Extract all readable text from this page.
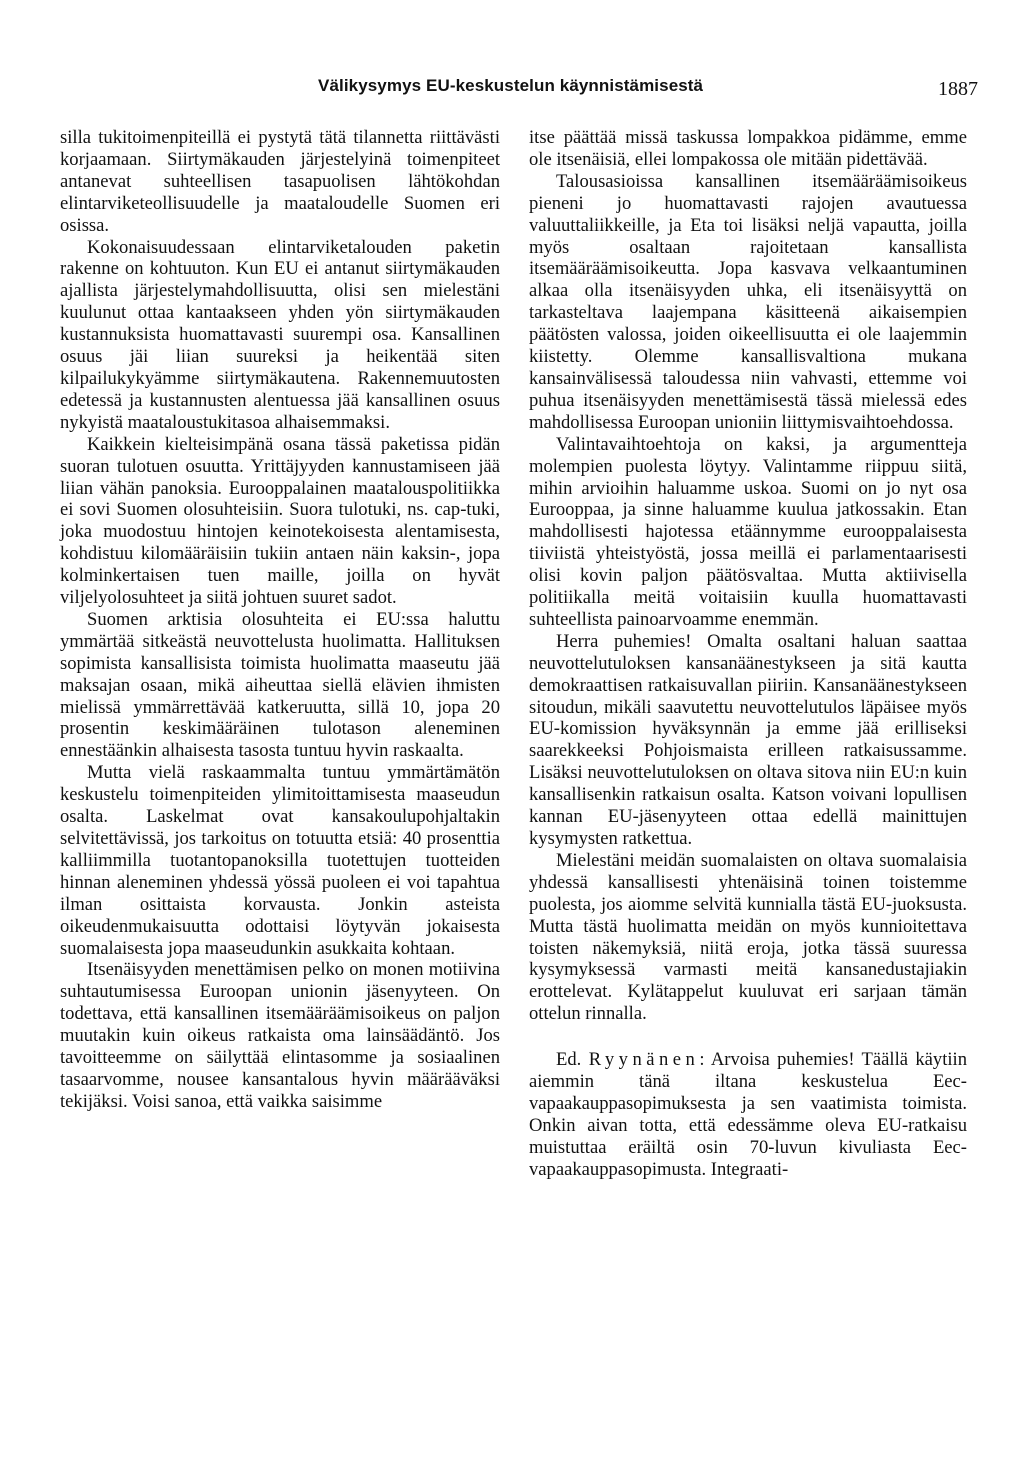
Välikysymys EU-keskustelun käynnistämisestä	1887

silla tukitoimenpiteillä ei pystytä tätä tilannetta riittävästi korjaamaan. Siirtymäkauden järjestelyinä toimenpiteet antanevat suhteellisen tasapuolisen lähtökohdan elintarviketeollisuudelle ja maataloudelle Suomen eri osissa.

Kokonaisuudessaan elintarviketalouden paketin rakenne on kohtuuton. Kun EU ei antanut siirtymäkauden ajallista järjestelymahdollisuutta, olisi sen mielestäni kuulunut ottaa kantaakseen yhden yön siirtymäkauden kustannuksista huomattavasti suurempi osa. Kansallinen osuus jäi liian suureksi ja heikentää siten kilpailukykyämme siirtymäkautena. Rakennemuutosten edetessä ja kustannusten alentuessa jää kansallinen osuus nykyistä maataloustukitasoa alhaisemmaksi.

Kaikkein kielteisimpänä osana tässä paketissa pidän suoran tulotuen osuutta. Yrittäjyyden kannustamiseen jää liian vähän panoksia. Eurooppalainen maatalouspolitiikka ei sovi Suomen olosuhteisiin. Suora tulotuki, ns. cap-tuki, joka muodostuu hintojen keinotekoisesta alentamisesta, kohdistuu kilomääräisiin tukiin antaen näin kaksin-, jopa kolminkertaisen tuen maille, joilla on hyvät viljelyolosuhteet ja siitä johtuen suuret sadot.

Suomen arktisia olosuhteita ei EU:ssa haluttu ymmärtää sitkeästä neuvottelusta huolimatta. Hallituksen sopimista kansallisista toimista huolimatta maaseutu jää maksajan osaan, mikä aiheuttaa siellä elävien ihmisten mielissä ymmärrettävää katkeruutta, sillä 10, jopa 20 prosentin keskimääräinen tulotason aleneminen ennestäänkin alhaisesta tasosta tuntuu hyvin raskaalta.

Mutta vielä raskaammalta tuntuu ymmärtämätön keskustelu toimenpiteiden ylimitoittamisesta maaseudun osalta. Laskelmat ovat kansakoulupohjaltakin selvitettävissä, jos tarkoitus on totuutta etsiä: 40 prosenttia kalliimmilla tuotantopanoksilla tuotettujen tuotteiden hinnan aleneminen yhdessä yössä puoleen ei voi tapahtua ilman osittaista korvausta. Jonkin asteista oikeudenmukaisuutta odottaisi löytyvän jokaisesta suomalaisesta jopa maaseudunkin asukkaita kohtaan.

Itsenäisyyden menettämisen pelko on monen motiivina suhtautumisessa Euroopan unionin jäsenyyteen. On todettava, että kansallinen itsemääräämisoikeus on paljon muutakin kuin oikeus ratkaista oma lainsäädäntö. Jos tavoitteemme on säilyttää elintasomme ja sosiaalinen tasaarvomme, nousee kansantalous hyvin määrääväksi tekijäksi. Voisi sanoa, että vaikka saisimme

itse päättää missä taskussa lompakkoa pidämme, emme ole itsenäisiä, ellei lompakossa ole mitään pidettävää.

Talousasioissa kansallinen itsemääräämisoikeus pieneni jo huomattavasti rajojen avautuessa valuuttaliikkeille, ja Eta toi lisäksi neljä vapautta, joilla myös osaltaan rajoitetaan kansallista itsemääräämisoikeutta. Jopa kasvava velkaantuminen alkaa olla itsenäisyyden uhka, eli itsenäisyyttä on tarkasteltava laajempana käsitteenä aikaisempien päätösten valossa, joiden oikeellisuutta ei ole laajemmin kiistetty. Olemme kansallisvaltiona mukana kansainvälisessä taloudessa niin vahvasti, ettemme voi puhua itsenäisyyden menettämisestä tässä mielessä edes mahdollisessa Euroopan unioniin liittymisvaihtoehdossa.

Valintavaihtoehtoja on kaksi, ja argumentteja molempien puolesta löytyy. Valintamme riippuu siitä, mihin arvioihin haluamme uskoa. Suomi on jo nyt osa Eurooppaa, ja sinne haluamme kuulua jatkossakin. Etan mahdollisesti hajotessa etäännymme eurooppalaisesta tiiviistä yhteistyöstä, jossa meillä ei parlamentaarisesti olisi kovin paljon päätösvaltaa. Mutta aktiivisella politiikalla meitä voitaisiin kuulla huomattavasti suhteellista painoarvoamme enemmän.

Herra puhemies! Omalta osaltani haluan saattaa neuvottelutuloksen kansanäänestykseen ja sitä kautta demokraattisen ratkaisuvallan piiriin. Kansanäänestykseen sitoudun, mikäli saavutettu neuvottelutulos läpäisee myös EU-komission hyväksynnän ja emme jää erilliseksi saarekkeeksi Pohjoismaista erilleen ratkaisussamme. Lisäksi neuvottelutuloksen on oltava sitova niin EU:n kuin kansallisenkin ratkaisun osalta. Katson voivani lopullisen kannan EU-jäsenyyteen ottaa edellä mainittujen kysymysten ratkettua.

Mielestäni meidän suomalaisten on oltava suomalaisia yhdessä kansallisesti yhtenäisinä toinen toistemme puolesta, jos aiomme selvitä kunnialla tästä EU-juoksusta. Mutta tästä huolimatta meidän on myös kunnioitettava toisten näkemyksiä, niitä eroja, jotka tässä suuressa kysymyksessä varmasti meitä kansanedustajiakin erottelevat. Kylätappelut kuuluvat eri sarjaan tämän ottelun rinnalla.

Ed. Ryynänen: Arvoisa puhemies! Täällä käytiin aiemmin tänä iltana keskustelua Eec-vapaakauppasopimuksesta ja sen vaatimista toimista. Onkin aivan totta, että edessämme oleva EU-ratkaisu muistuttaa eräiltä osin 70-luvun kivuliasta Eec-vapaakauppasopimusta. Integraati-
